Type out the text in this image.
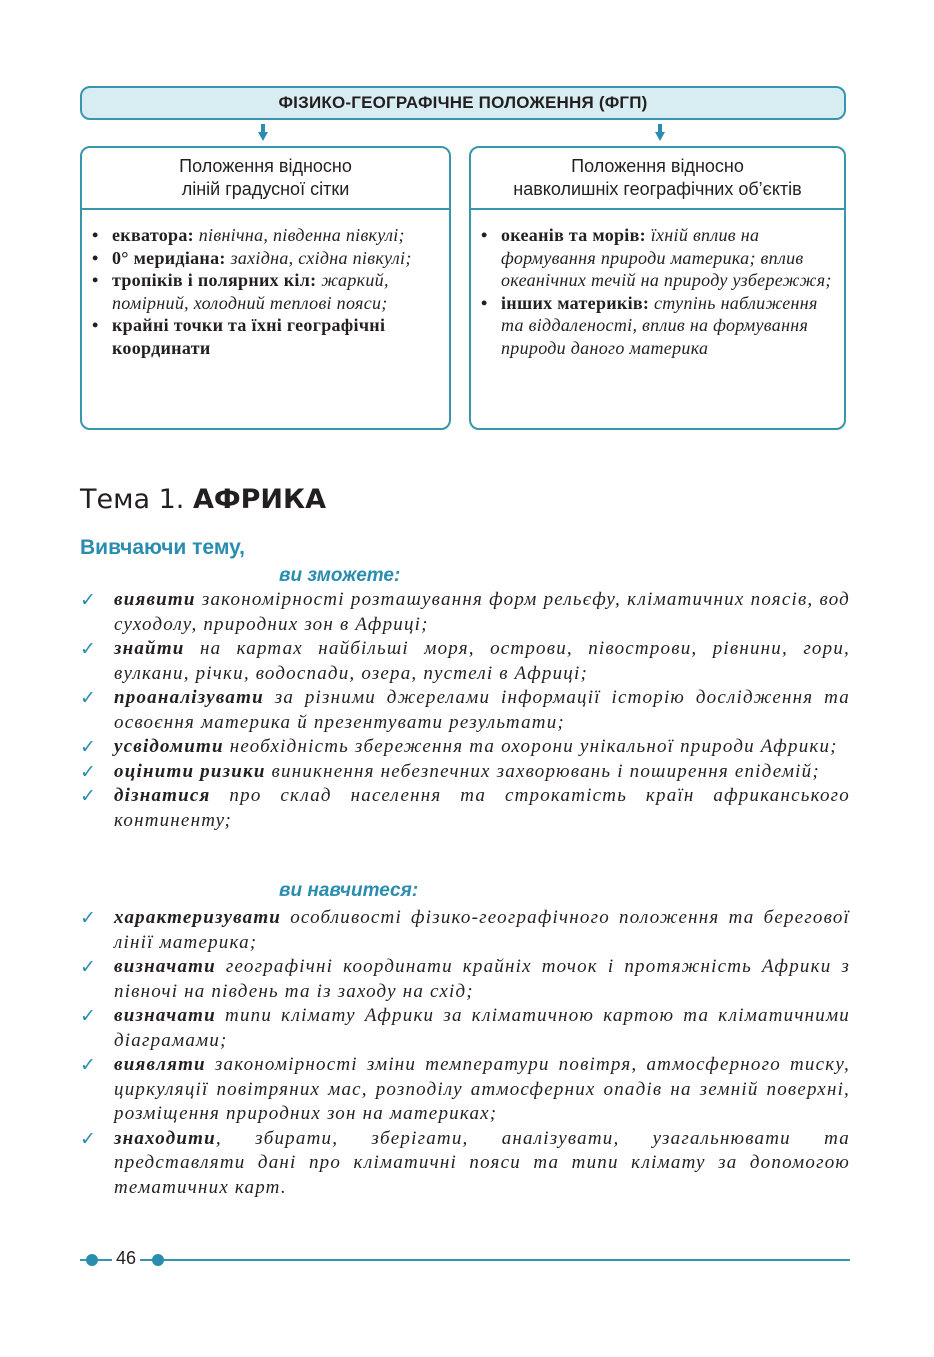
ФІЗИКО-ГЕОГРАФІЧНЕ ПОЛОЖЕННЯ (ФГП)
Положення відносно
ліній градусної сітки
• екватора: північна, південна півкулі;
• 0° меридіана: західна, східна півкулі;
• тропіків і полярних кіл: жаркий, помірний, холодний теплові пояси;
• крайні точки та їхні географічні координати
Положення відносно
навколишніх географічних об’єктів
• океанів та морів: їхній вплив на формування природи материка; вплив океанічних течій на природу узбережжя;
• інших материків: ступінь наближення та віддаленості, вплив на формування природи даного материка
Тема 1. АФРИКА
Вивчаючи тему,
ви зможете:
✓ виявити закономірності розташування форм рельєфу, кліматичних поясів, вод суходолу, природних зон в Африці;
✓ знайти на картах найбільші моря, острови, півострови, рівнини, гори, вулкани, річки, водоспади, озера, пустелі в Африці;
✓ проаналізувати за різними джерелами інформації історію дослідження та освоєння материка й презентувати результати;
✓ усвідомити необхідність збереження та охорони унікальної природи Африки;
✓ оцінити ризики виникнення небезпечних захворювань і поширення епідемій;
✓ дізнатися про склад населення та строкатість країн африканського континенту;
ви навчитеся:
✓ характеризувати особливості фізико-географічного положення та берегової лінії материка;
✓ визначати географічні координати крайніх точок і протяжність Африки з півночі на південь та із заходу на схід;
✓ визначати типи клімату Африки за кліматичною картою та кліматичними діаграмами;
✓ виявляти закономірності зміни температури повітря, атмосферного тиску, циркуляції повітряних мас, розподілу атмосферних опадів на земній поверхні, розміщення природних зон на материках;
✓ знаходити, збирати, зберігати, аналізувати, узагальнювати та представляти дані про кліматичні пояси та типи клімату за допомогою тематичних карт.
46
